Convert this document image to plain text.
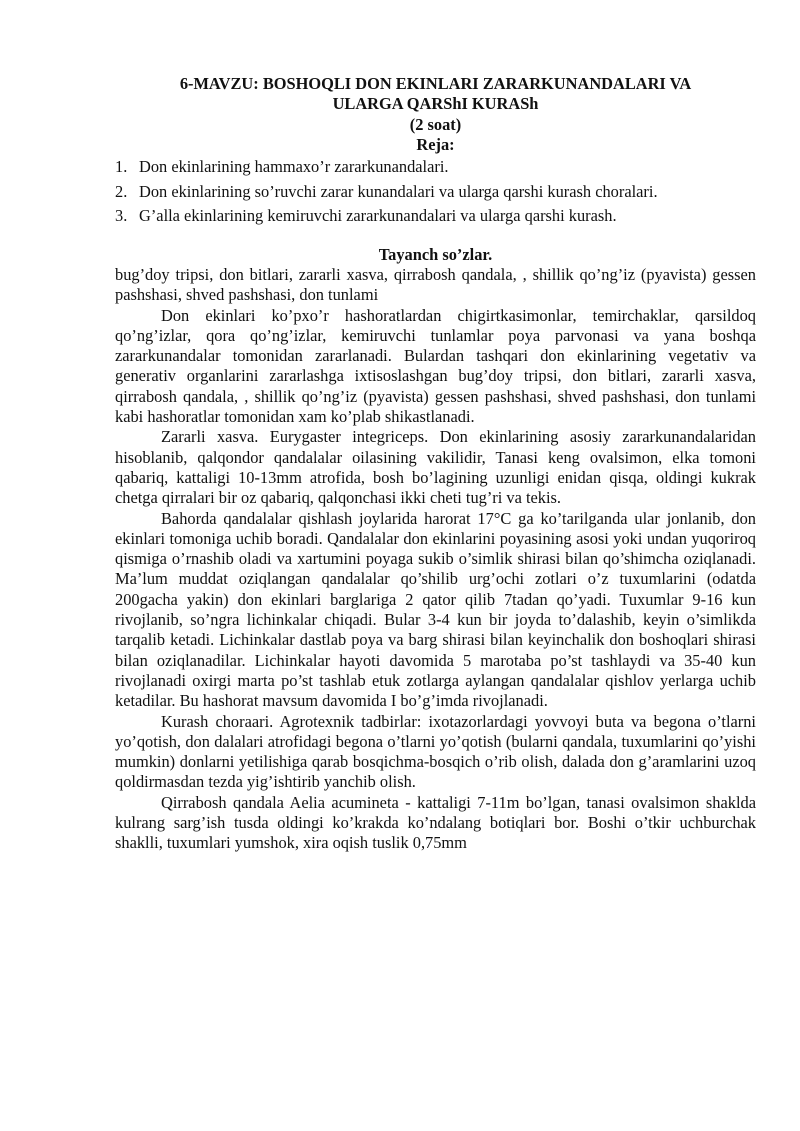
6-MAVZU: BOSHOQLI DON EKINLARI ZARARKUNANDALARI VA
ULARGA QARShI KURASh
(2 soat)
Reja:
1. Don ekinlarining hammaxo’r zararkunandalari.
2. Don ekinlarining so’ruvchi zarar kunandalari va ularga qarshi kurash choralari.
3. G’alla ekinlarining kemiruvchi zararkunandalari va ularga qarshi kurash.
Tayanch so’zlar.

bug’doy tripsi, don bitlari, zararli xasva, qirrabosh qandala, , shillik qo’ng’iz (pyavista) gessen pashshasi, shved pashshasi, don tunlami

Don ekinlari ko’pxo’r hashoratlardan chigirtkasimonlar, temirchaklar, qarsildoq qo’ng’izlar, qora qo’ng’izlar, kemiruvchi tunlamlar poya parvonasi va yana boshqa zararkunandalar tomonidan zararlanadi. Bulardan tashqari don ekinlarining vegetativ va generativ organlarini zararlashga ixtisoslashgan bug’doy tripsi, don bitlari, zararli xasva, qirrabosh qandala, , shillik qo’ng’iz (pyavista) gessen pashshasi, shved pashshasi, don tunlami kabi hashoratlar tomonidan xam ko’plab shikastlanadi.

Zararli xasva. Eurygaster integriceps. Don ekinlarining asosiy zararkunandalaridan hisoblanib, qalqondor qandalalar oilasining vakilidir, Tanasi keng ovalsimon, elka tomoni qabariq, kattaligi 10-13mm atrofida, bosh bo’lagining uzunligi enidan qisqa, oldingi kukrak chetga qirralari bir oz qabariq, qalqonchasi ikki cheti tug’ri va tekis.

Bahorda qandalalar qishlash joylarida harorat 17°C ga ko’tarilganda ular jonlanib, don ekinlari tomoniga uchib boradi. Qandalalar don ekinlarini poyasining asosi yoki undan yuqoriroq qismiga o’rnashib oladi va xartumini poyaga sukib o’simlik shirasi bilan qo’shimcha oziqlanadi. Ma’lum muddat oziqlangan qandalalar qo’shilib urg’ochi zotlari o’z tuxumlarini (odatda 200gacha yakin) don ekinlari barglariga 2 qator qilib 7tadan qo’yadi. Tuxumlar 9-16 kun rivojlanib, so’ngra lichinkalar chiqadi. Bular 3-4 kun bir joyda to’dalashib, keyin o’simlikda tarqalib ketadi. Lichinkalar dastlab poya va barg shirasi bilan keyinchalik don boshoqlari shirasi bilan oziqlanadilar. Lichinkalar hayoti davomida 5 marotaba po’st tashlaydi va 35-40 kun rivojlanadi oxirgi marta po’st tashlab etuk zotlarga aylangan qandalalar qishlov yerlarga uchib ketadilar. Bu hashorat mavsum davomida I bo’g’imda rivojlanadi.

Kurash choraari. Agrotexnik tadbirlar: ixotazorlardagi yovvoyi buta va begona o’tlarni yo’qotish, don dalalari atrofidagi begona o’tlarni yo’qotish (bularni qandala, tuxumlarini qo’yishi mumkin) donlarni yetilishiga qarab bosqichma-bosqich o’rib olish, dalada don g’aramlarini uzoq qoldirmasdan tezda yig’ishtirib yanchib olish.

Qirrabosh qandala Aelia acumineta - kattaligi 7-11m bo’lgan, tanasi ovalsimon shaklda kulrang sarg’ish tusda oldingi ko’krakda ko’ndalang botiqlari bor. Boshi o’tkir uchburchak shaklli, tuxumlari yumshok, xira oqish tuslik 0,75mm
